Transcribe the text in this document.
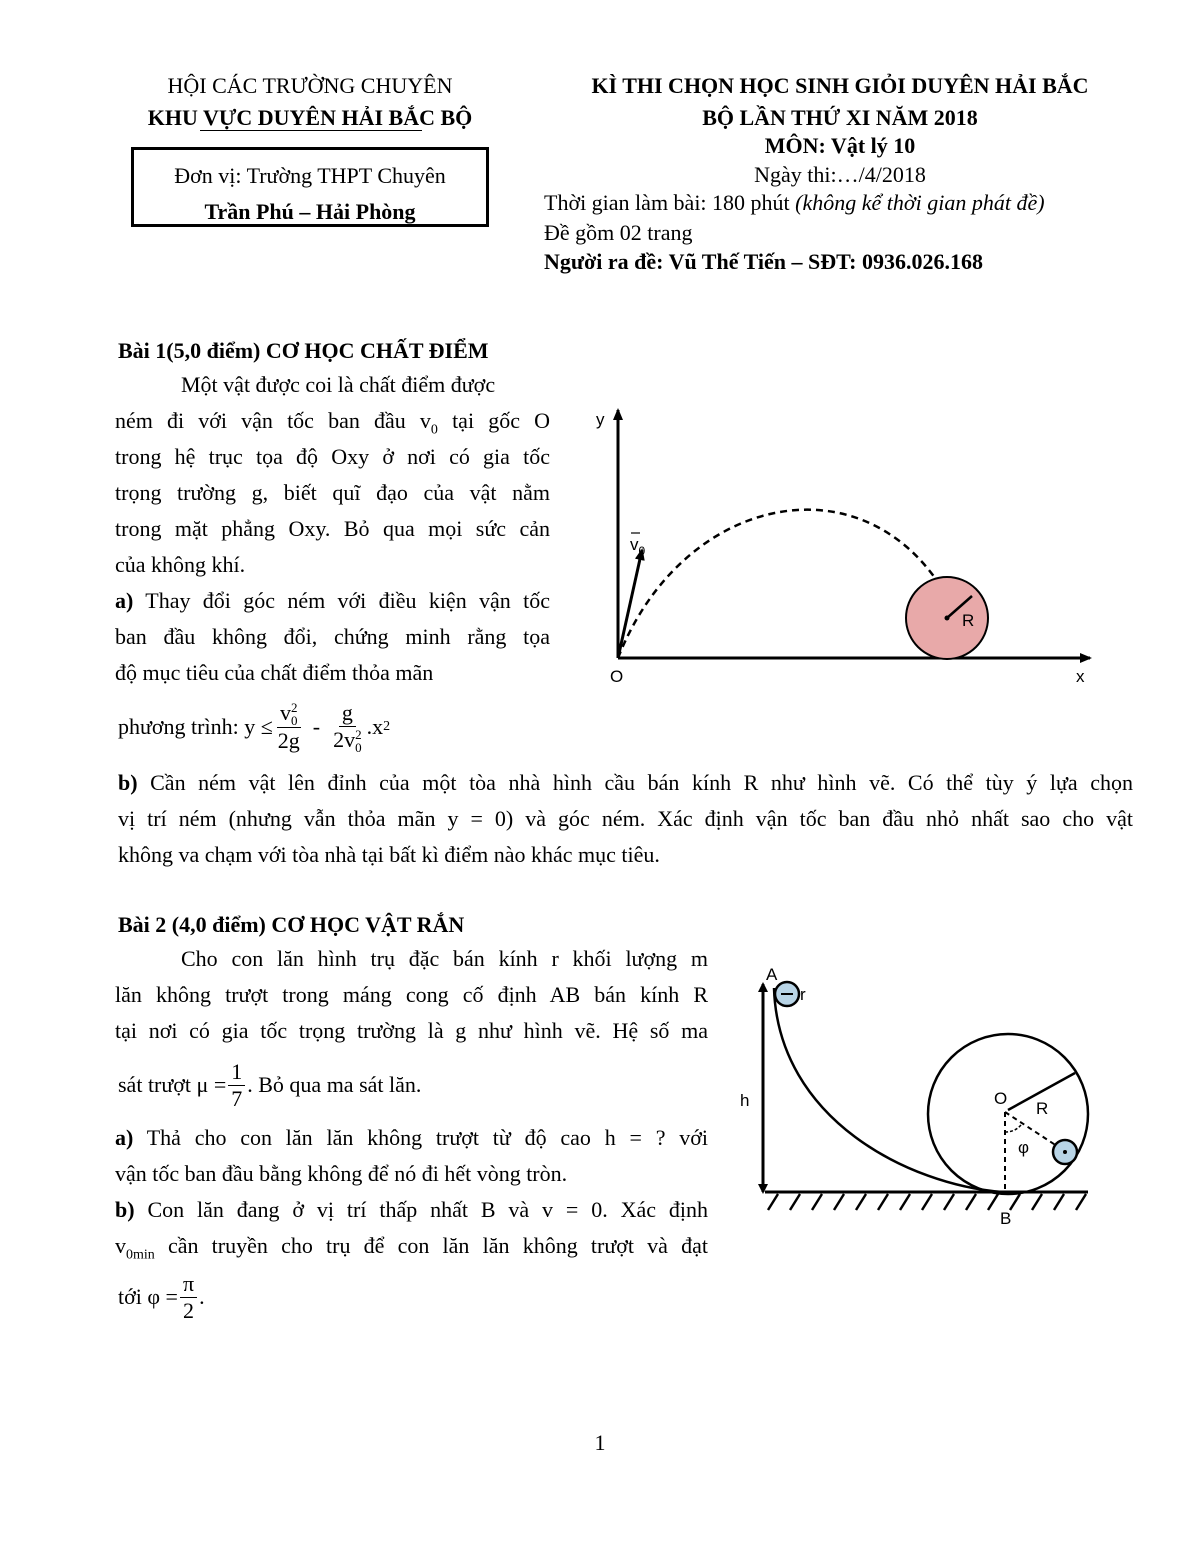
HỘI CÁC TRƯỜNG CHUYÊN
KHU VỰC DUYÊN HẢI BẮC BỘ
Đơn vị: Trường THPT Chuyên
Trần Phú – Hải Phòng
KÌ THI CHỌN HỌC SINH GIỎI DUYÊN HẢI BẮC
BỘ LẦN THỨ XI NĂM 2018
MÔN: Vật lý 10
Ngày thi:…/4/2018
Thời gian làm bài: 180 phút (không kể thời gian phát đề)
Đề gồm 02 trang
Người ra đề: Vũ Thế Tiến – SĐT: 0936.026.168
Bài 1(5,0 điểm) CƠ HỌC CHẤT ĐIỂM
Một vật được coi là chất điểm được
ném đi với vận tốc ban đầu $v_0$ tại gốc O
trong hệ trục tọa độ Oxy ở nơi có gia tốc
trọng trường g, biết quĩ đạo của vật nằm
trong mặt phẳng Oxy. Bỏ qua mọi sức cản
của không khí.
a) Thay đổi góc ném với điều kiện vận tốc
ban đầu không đổi, chứng minh rằng tọa
độ mục tiêu của chất điểm thỏa mãn
phương trình: y ≤ v 2
0
2g - g
2v 2
0 .x 2
b) Cần ném vật lên đỉnh của một tòa nhà hình cầu bán kính R như hình vẽ. Có thể tùy ý lựa chọn
vị trí ném (nhưng vẫn thỏa mãn y = 0) và góc ném. Xác định vận tốc ban đầu nhỏ nhất sao cho vật
không va chạm với tòa nhà tại bất kì điểm nào khác mục tiêu.
y
x
O
R
$v_0$
Bài 2 (4,0 điểm) CƠ HỌC VẬT RẮN
Cho con lăn hình trụ đặc bán kính r khối lượng m
lăn không trượt trong máng cong cố định AB bán kính R
tại nơi có gia tốc trọng trường là g như hình vẽ. Hệ số ma
sát trượt $\mu = \frac{1}{7}$ . Bỏ qua ma sát lăn.
a) Thả cho con lăn lăn không trượt từ độ cao h = ? với
vận tốc ban đầu bằng không để nó đi hết vòng tròn.
b) Con lăn đang ở vị trí thấp nhất B và v = 0. Xác định
$v_{0min}$ cần truyền cho trụ để con lăn lăn không trượt và đạt
tới $\varphi = \frac{\pi}{2}$ .
A
r
h	O
R
φ
B
1
